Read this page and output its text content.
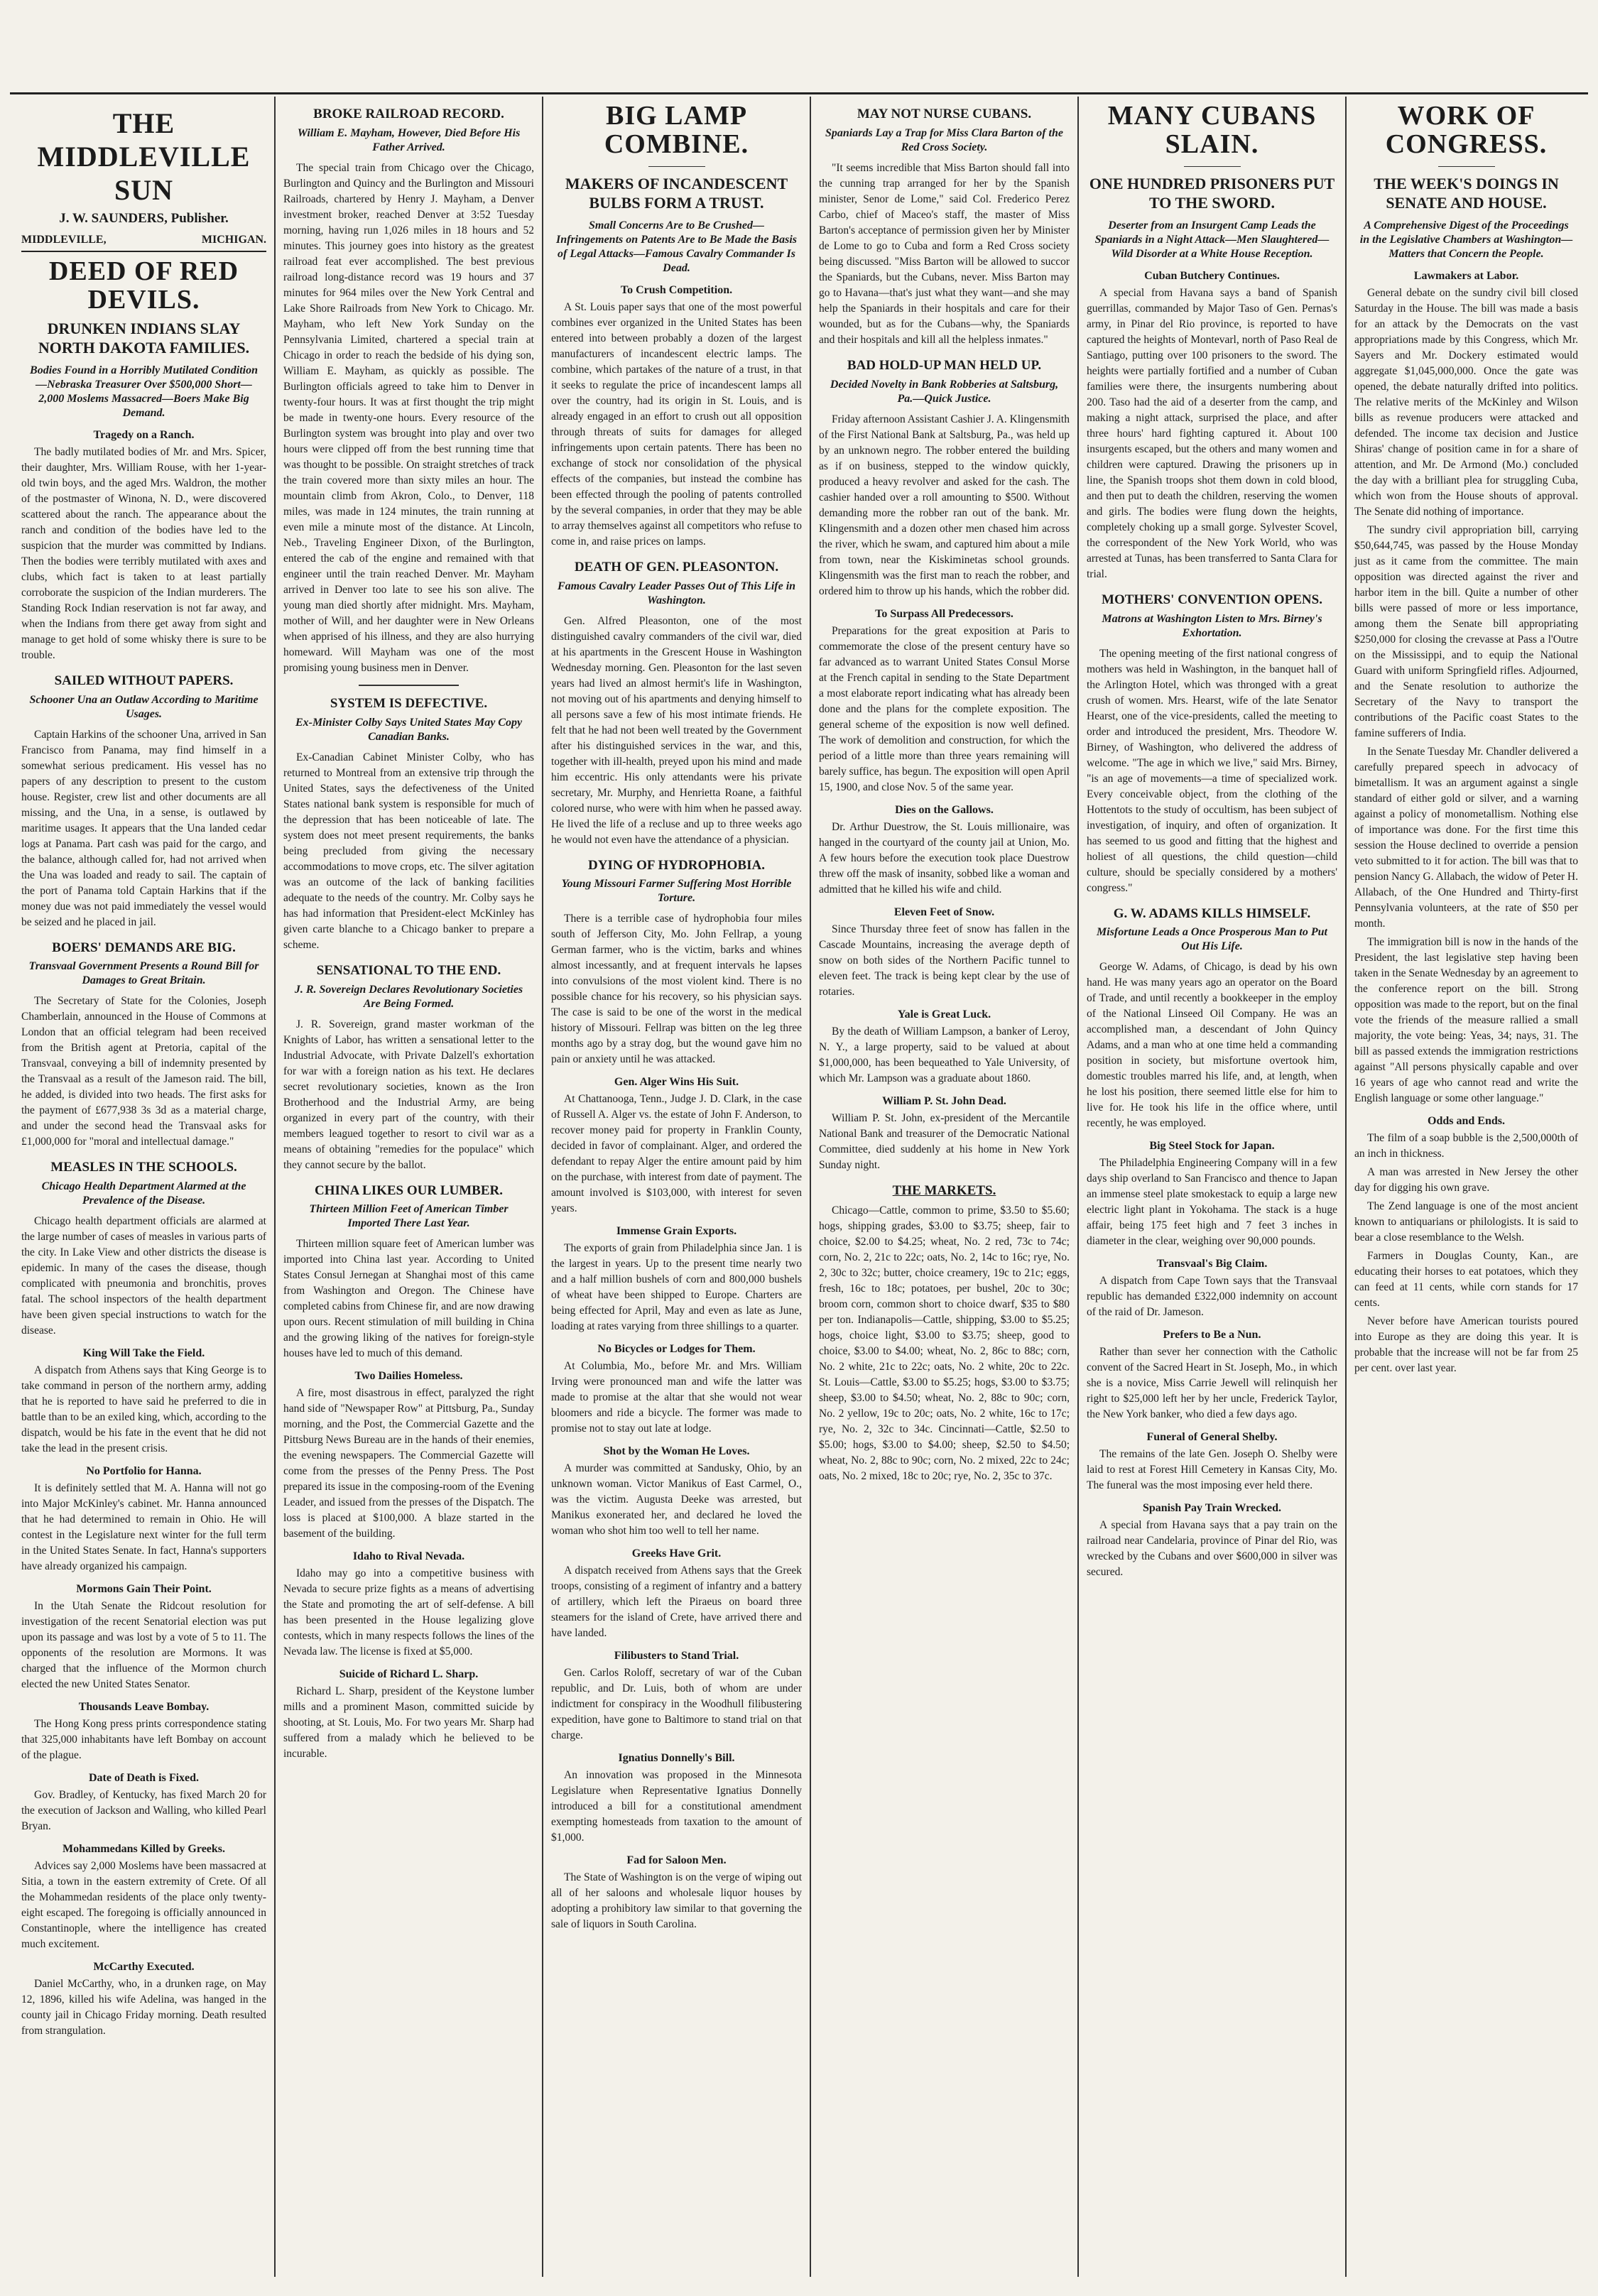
THE MIDDLEVILLE SUN
J. W. SAUNDERS, Publisher.
MIDDLEVILLE,	MICHIGAN.
DEED OF RED DEVILS.
DRUNKEN INDIANS SLAY NORTH DAKOTA FAMILIES.
Bodies Found in a Horribly Mutilated Condition—Nebraska Treasurer Over $500,000 Short—2,000 Moslems Massacred—Boers Make Big Demand.
Tragedy on a Ranch.

The badly mutilated bodies of Mr. and Mrs. Spicer, their daughter, Mrs. William Rouse, with her 1-year-old twin boys, and the aged Mrs. Waldron, the mother of the postmaster of Winona, N. D., were discovered scattered about the ranch. The appearance about the ranch and condition of the bodies have led to the suspicion that the murder was committed by Indians. Then the bodies were terribly mutilated with axes and clubs, which fact is taken to at least partially corroborate the suspicion of the Indian murderers. The Standing Rock Indian reservation is not far away, and when the Indians from there get away from sight and manage to get hold of some whisky there is sure to be trouble.

SAILED WITHOUT PAPERS.
Schooner Una an Outlaw According to Maritime Usages.

Captain Harkins of the schooner Una, arrived in San Francisco from Panama, may find himself in a somewhat serious predicament. His vessel has no papers of any description to present to the custom house. Register, crew list and other documents are all missing, and the Una, in a sense, is outlawed by maritime usages. It appears that the Una landed cedar logs at Panama. Part cash was paid for the cargo, and the balance, although called for, had not arrived when the Una was loaded and ready to sail. The captain of the port of Panama told Captain Harkins that if the money due was not paid immediately the vessel would be seized and he placed in jail.

BOERS' DEMANDS ARE BIG.
Transvaal Government Presents a Round Bill for Damages to Great Britain.

The Secretary of State for the Colonies, Joseph Chamberlain, announced in the House of Commons at London that an official telegram had been received from the British agent at Pretoria, capital of the Transvaal, conveying a bill of indemnity presented by the Transvaal as a result of the Jameson raid. The bill, he added, is divided into two heads. The first asks for the payment of £677,938 3s 3d as a material charge, and under the second head the Transvaal asks for £1,000,000 for "moral and intellectual damage."

MEASLES IN THE SCHOOLS.
Chicago Health Department Alarmed at the Prevalence of the Disease.

Chicago health department officials are alarmed at the large number of cases of measles in various parts of the city. In Lake View and other districts the disease is epidemic. In many of the cases the disease, though complicated with pneumonia and bronchitis, proves fatal. The school inspectors of the health department have been given special instructions to watch for the disease.

King Will Take the Field.

A dispatch from Athens says that King George is to take command in person of the northern army, adding that he is reported to have said he preferred to die in battle than to be an exiled king, which, according to the dispatch, would be his fate in the event that he did not take the lead in the present crisis.

No Portfolio for Hanna.

It is definitely settled that M. A. Hanna will not go into Major McKinley's cabinet. Mr. Hanna announced that he had determined to remain in Ohio. He will contest in the Legislature next winter for the full term in the United States Senate. In fact, Hanna's supporters have already organized his campaign.

Mormons Gain Their Point.

In the Utah Senate the Ridcout resolution for investigation of the recent Senatorial election was put upon its passage and was lost by a vote of 5 to 11. The opponents of the resolution are Mormons. It was charged that the influence of the Mormon church elected the new United States Senator.

Thousands Leave Bombay.

The Hong Kong press prints correspondence stating that 325,000 inhabitants have left Bombay on account of the plague.

Date of Death is Fixed.

Gov. Bradley, of Kentucky, has fixed March 20 for the execution of Jackson and Walling, who killed Pearl Bryan.

Mohammedans Killed by Greeks.

Advices say 2,000 Moslems have been massacred at Sitia, a town in the eastern extremity of Crete. Of all the Mohammedan residents of the place only twenty-eight escaped. The foregoing is officially announced in Constantinople, where the intelligence has created much excitement.

McCarthy Executed.

Daniel McCarthy, who, in a drunken rage, on May 12, 1896, killed his wife Adelina, was hanged in the county jail in Chicago Friday morning. Death resulted from strangulation.

BROKE RAILROAD RECORD.
William E. Mayham, However, Died Before His Father Arrived.

The special train from Chicago over the Chicago, Burlington and Quincy and the Burlington and Missouri Railroads, chartered by Henry J. Mayham, a Denver investment broker, reached Denver at 3:52 Tuesday morning, having run 1,026 miles in 18 hours and 52 minutes. This journey goes into history as the greatest railroad feat ever accomplished. The best previous railroad long-distance record was 19 hours and 37 minutes for 964 miles over the New York Central and Lake Shore Railroads from New York to Chicago. Mr. Mayham, who left New York Sunday on the Pennsylvania Limited, chartered a special train at Chicago in order to reach the bedside of his dying son, William E. Mayham, as quickly as possible. The Burlington officials agreed to take him to Denver in twenty-four hours. It was at first thought the trip might be made in twenty-one hours. Every resource of the Burlington system was brought into play and over two hours were clipped off from the best running time that was thought to be possible. On straight stretches of track the train covered more than sixty miles an hour. The mountain climb from Akron, Colo., to Denver, 118 miles, was made in 124 minutes, the train running at even mile a minute most of the distance. At Lincoln, Neb., Traveling Engineer Dixon, of the Burlington, entered the cab of the engine and remained with that engineer until the train reached Denver. Mr. Mayham arrived in Denver too late to see his son alive. The young man died shortly after midnight. Mrs. Mayham, mother of Will, and her daughter were in New Orleans when apprised of his illness, and they are also hurrying homeward. Will Mayham was one of the most promising young business men in Denver.

SYSTEM IS DEFECTIVE.
Ex-Minister Colby Says United States May Copy Canadian Banks.

Ex-Canadian Cabinet Minister Colby, who has returned to Montreal from an extensive trip through the United States, says the defectiveness of the United States national bank system is responsible for much of the depression that has been noticeable of late. The system does not meet present requirements, the banks being precluded from giving the necessary accommodations to move crops, etc. The silver agitation was an outcome of the lack of banking facilities adequate to the needs of the country. Mr. Colby says he has had information that President-elect McKinley has given carte blanche to a Chicago banker to prepare a scheme.

SENSATIONAL TO THE END.
J. R. Sovereign Declares Revolutionary Societies Are Being Formed.

J. R. Sovereign, grand master workman of the Knights of Labor, has written a sensational letter to the Industrial Advocate, with Private Dalzell's exhortation for war with a foreign nation as his text. He declares secret revolutionary societies, known as the Iron Brotherhood and the Industrial Army, are being organized in every part of the country, with their members leagued together to resort to civil war as a means of obtaining "remedies for the populace" which they cannot secure by the ballot.

CHINA LIKES OUR LUMBER.
Thirteen Million Feet of American Timber Imported There Last Year.

Thirteen million square feet of American lumber was imported into China last year. According to United States Consul Jernegan at Shanghai most of this came from Washington and Oregon. The Chinese have completed cabins from Chinese fir, and are now drawing upon ours. Recent stimulation of mill building in China and the growing liking of the natives for foreign-style houses have led to much of this demand.

Two Dailies Homeless.

A fire, most disastrous in effect, paralyzed the right hand side of "Newspaper Row" at Pittsburg, Pa., Sunday morning, and the Post, the Commercial Gazette and the Pittsburg News Bureau are in the hands of their enemies, the evening newspapers. The Commercial Gazette will come from the presses of the Penny Press. The Post prepared its issue in the composing-room of the Evening Leader, and issued from the presses of the Dispatch. The loss is placed at $100,000. A blaze started in the basement of the building.

Idaho to Rival Nevada.

Idaho may go into a competitive business with Nevada to secure prize fights as a means of advertising the State and promoting the art of self-defense. A bill has been presented in the House legalizing glove contests, which in many respects follows the lines of the Nevada law. The license is fixed at $5,000.

Suicide of Richard L. Sharp.

Richard L. Sharp, president of the Keystone lumber mills and a prominent Mason, committed suicide by shooting, at St. Louis, Mo. For two years Mr. Sharp had suffered from a malady which he believed to be incurable.

BIG LAMP COMBINE.
MAKERS OF INCANDESCENT BULBS FORM A TRUST.
Small Concerns Are to Be Crushed—Infringements on Patents Are to Be Made the Basis of Legal Attacks—Famous Cavalry Commander Is Dead.
To Crush Competition.

A St. Louis paper says that one of the most powerful combines ever organized in the United States has been entered into between probably a dozen of the largest manufacturers of incandescent electric lamps. The combine, which partakes of the nature of a trust, in that it seeks to regulate the price of incandescent lamps all over the country, had its origin in St. Louis, and is already engaged in an effort to crush out all opposition through threats of suits for damages for alleged infringements upon certain patents. There has been no exchange of stock nor consolidation of the physical effects of the companies, but instead the combine has been effected through the pooling of patents controlled by the several companies, in order that they may be able to array themselves against all competitors who refuse to come in, and raise prices on lamps.

DEATH OF GEN. PLEASONTON.
Famous Cavalry Leader Passes Out of This Life in Washington.

Gen. Alfred Pleasonton, one of the most distinguished cavalry commanders of the civil war, died at his apartments in the Grescent House in Washington Wednesday morning. Gen. Pleasonton for the last seven years had lived an almost hermit's life in Washington, not moving out of his apartments and denying himself to all persons save a few of his most intimate friends. He felt that he had not been well treated by the Government after his distinguished services in the war, and this, together with ill-health, preyed upon his mind and made him eccentric. His only attendants were his private secretary, Mr. Murphy, and Henrietta Roane, a faithful colored nurse, who were with him when he passed away. He lived the life of a recluse and up to three weeks ago he would not even have the attendance of a physician.

DYING OF HYDROPHOBIA.
Young Missouri Farmer Suffering Most Horrible Torture.

There is a terrible case of hydrophobia four miles south of Jefferson City, Mo. John Fellrap, a young German farmer, who is the victim, barks and whines almost incessantly, and at frequent intervals he lapses into convulsions of the most violent kind. There is no possible chance for his recovery, so his physician says. The case is said to be one of the worst in the medical history of Missouri. Fellrap was bitten on the leg three months ago by a stray dog, but the wound gave him no pain or anxiety until he was attacked.

Gen. Alger Wins His Suit.

At Chattanooga, Tenn., Judge J. D. Clark, in the case of Russell A. Alger vs. the estate of John F. Anderson, to recover money paid for property in Franklin County, decided in favor of complainant. Alger, and ordered the defendant to repay Alger the entire amount paid by him on the purchase, with interest from date of payment. The amount involved is $103,000, with interest for seven years.

Immense Grain Exports.

The exports of grain from Philadelphia since Jan. 1 is the largest in years. Up to the present time nearly two and a half million bushels of corn and 800,000 bushels of wheat have been shipped to Europe. Charters are being effected for April, May and even as late as June, loading at rates varying from three shillings to a quarter.

No Bicycles or Lodges for Them.

At Columbia, Mo., before Mr. and Mrs. William Irving were pronounced man and wife the latter was made to promise at the altar that she would not wear bloomers and ride a bicycle. The former was made to promise not to stay out late at lodge.

Shot by the Woman He Loves.

A murder was committed at Sandusky, Ohio, by an unknown woman. Victor Manikus of East Carmel, O., was the victim. Augusta Deeke was arrested, but Manikus exonerated her, and declared he loved the woman who shot him too well to tell her name.

Greeks Have Grit.

A dispatch received from Athens says that the Greek troops, consisting of a regiment of infantry and a battery of artillery, which left the Piraeus on board three steamers for the island of Crete, have arrived there and have landed.

Filibusters to Stand Trial.

Gen. Carlos Roloff, secretary of war of the Cuban republic, and Dr. Luis, both of whom are under indictment for conspiracy in the Woodhull filibustering expedition, have gone to Baltimore to stand trial on that charge.

Ignatius Donnelly's Bill.

An innovation was proposed in the Minnesota Legislature when Representative Ignatius Donnelly introduced a bill for a constitutional amendment exempting homesteads from taxation to the amount of $1,000.

Fad for Saloon Men.

The State of Washington is on the verge of wiping out all of her saloons and wholesale liquor houses by adopting a prohibitory law similar to that governing the sale of liquors in South Carolina.

MAY NOT NURSE CUBANS.
Spaniards Lay a Trap for Miss Clara Barton of the Red Cross Society.

"It seems incredible that Miss Barton should fall into the cunning trap arranged for her by the Spanish minister, Senor de Lome," said Col. Frederico Perez Carbo, chief of Maceo's staff, the master of Miss Barton's acceptance of permission given her by Minister de Lome to go to Cuba and form a Red Cross society being discussed. "Miss Barton will be allowed to succor the Spaniards, but the Cubans, never. Miss Barton may go to Havana—that's just what they want—and she may help the Spaniards in their hospitals and care for their wounded, but as for the Cubans—why, the Spaniards and their hospitals and kill all the helpless inmates."

BAD HOLD-UP MAN HELD UP.
Decided Novelty in Bank Robberies at Saltsburg, Pa.—Quick Justice.

Friday afternoon Assistant Cashier J. A. Klingensmith of the First National Bank at Saltsburg, Pa., was held up by an unknown negro. The robber entered the building as if on business, stepped to the window quickly, produced a heavy revolver and asked for the cash. The cashier handed over a roll amounting to $500. Without demanding more the robber ran out of the bank. Mr. Klingensmith and a dozen other men chased him across the river, which he swam, and captured him about a mile from town, near the Kiskiminetas school grounds. Klingensmith was the first man to reach the robber, and ordered him to throw up his hands, which the robber did.

To Surpass All Predecessors.

Preparations for the great exposition at Paris to commemorate the close of the present century have so far advanced as to warrant United States Consul Morse at the French capital in sending to the State Department a most elaborate report indicating what has already been done and the plans for the complete exposition. The general scheme of the exposition is now well defined. The work of demolition and construction, for which the period of a little more than three years remaining will barely suffice, has begun. The exposition will open April 15, 1900, and close Nov. 5 of the same year.

Dies on the Gallows.

Dr. Arthur Duestrow, the St. Louis millionaire, was hanged in the courtyard of the county jail at Union, Mo. A few hours before the execution took place Duestrow threw off the mask of insanity, sobbed like a woman and admitted that he killed his wife and child.

Eleven Feet of Snow.

Since Thursday three feet of snow has fallen in the Cascade Mountains, increasing the average depth of snow on both sides of the Northern Pacific tunnel to eleven feet. The track is being kept clear by the use of rotaries.

Yale is Great Luck.

By the death of William Lampson, a banker of Leroy, N. Y., a large property, said to be valued at about $1,000,000, has been bequeathed to Yale University, of which Mr. Lampson was a graduate about 1860.

William P. St. John Dead.

William P. St. John, ex-president of the Mercantile National Bank and treasurer of the Democratic National Committee, died suddenly at his home in New York Sunday night.

THE MARKETS.

Chicago—Cattle, common to prime, $3.50 to $5.60; hogs, shipping grades, $3.00 to $3.75; sheep, fair to choice, $2.00 to $4.25; wheat, No. 2 red, 73c to 74c; corn, No. 2, 21c to 22c; oats, No. 2, 14c to 16c; rye, No. 2, 30c to 32c; butter, choice creamery, 19c to 21c; eggs, fresh, 16c to 18c; potatoes, per bushel, 20c to 30c; broom corn, common short to choice dwarf, $35 to $80 per ton. Indianapolis—Cattle, shipping, $3.00 to $5.25; hogs, choice light, $3.00 to $3.75; sheep, good to choice, $3.00 to $4.00; wheat, No. 2, 86c to 88c; corn, No. 2 white, 21c to 22c; oats, No. 2 white, 20c to 22c. St. Louis—Cattle, $3.00 to $5.25; hogs, $3.00 to $3.75; sheep, $3.00 to $4.50; wheat, No. 2, 88c to 90c; corn, No. 2 yellow, 19c to 20c; oats, No. 2 white, 16c to 17c; rye, No. 2, 32c to 34c. Cincinnati—Cattle, $2.50 to $5.00; hogs, $3.00 to $4.00; sheep, $2.50 to $4.50; wheat, No. 2, 88c to 90c; corn, No. 2 mixed, 22c to 24c; oats, No. 2 mixed, 18c to 20c; rye, No. 2, 35c to 37c.

MANY CUBANS SLAIN.
ONE HUNDRED PRISONERS PUT TO THE SWORD.
Deserter from an Insurgent Camp Leads the Spaniards in a Night Attack—Men Slaughtered—Wild Disorder at a White House Reception.
Cuban Butchery Continues.

A special from Havana says a band of Spanish guerrillas, commanded by Major Taso of Gen. Pernas's army, in Pinar del Rio province, is reported to have captured the heights of Montevarl, north of Paso Real de Santiago, putting over 100 prisoners to the sword. The heights were partially fortified and a number of Cuban families were there, the insurgents numbering about 200. Taso had the aid of a deserter from the camp, and making a night attack, surprised the place, and after three hours' hard fighting captured it. About 100 insurgents escaped, but the others and many women and children were captured. Drawing the prisoners up in line, the Spanish troops shot them down in cold blood, and then put to death the children, reserving the women and girls. The bodies were flung down the heights, completely choking up a small gorge. Sylvester Scovel, the correspondent of the New York World, who was arrested at Tunas, has been transferred to Santa Clara for trial.

MOTHERS' CONVENTION OPENS.
Matrons at Washington Listen to Mrs. Birney's Exhortation.

The opening meeting of the first national congress of mothers was held in Washington, in the banquet hall of the Arlington Hotel, which was thronged with a great crush of women. Mrs. Hearst, wife of the late Senator Hearst, one of the vice-presidents, called the meeting to order and introduced the president, Mrs. Theodore W. Birney, of Washington, who delivered the address of welcome. "The age in which we live," said Mrs. Birney, "is an age of movements—a time of specialized work. Every conceivable object, from the clothing of the Hottentots to the study of occultism, has been subject of investigation, of inquiry, and often of organization. It has seemed to us good and fitting that the highest and holiest of all questions, the child question—child culture, should be specially considered by a mothers' congress."

G. W. ADAMS KILLS HIMSELF.
Misfortune Leads a Once Prosperous Man to Put Out His Life.

George W. Adams, of Chicago, is dead by his own hand. He was many years ago an operator on the Board of Trade, and until recently a bookkeeper in the employ of the National Linseed Oil Company. He was an accomplished man, a descendant of John Quincy Adams, and a man who at one time held a commanding position in society, but misfortune overtook him, domestic troubles marred his life, and, at length, when he lost his position, there seemed little else for him to live for. He took his life in the office where, until recently, he was employed.

Big Steel Stock for Japan.

The Philadelphia Engineering Company will in a few days ship overland to San Francisco and thence to Japan an immense steel plate smokestack to equip a large new electric light plant in Yokohama. The stack is a huge affair, being 175 feet high and 7 feet 3 inches in diameter in the clear, weighing over 90,000 pounds.

Transvaal's Big Claim.

A dispatch from Cape Town says that the Transvaal republic has demanded £322,000 indemnity on account of the raid of Dr. Jameson.

Prefers to Be a Nun.

Rather than sever her connection with the Catholic convent of the Sacred Heart in St. Joseph, Mo., in which she is a novice, Miss Carrie Jewell will relinquish her right to $25,000 left her by her uncle, Frederick Taylor, the New York banker, who died a few days ago.

Funeral of General Shelby.

The remains of the late Gen. Joseph O. Shelby were laid to rest at Forest Hill Cemetery in Kansas City, Mo. The funeral was the most imposing ever held there.

Spanish Pay Train Wrecked.

A special from Havana says that a pay train on the railroad near Candelaria, province of Pinar del Rio, was wrecked by the Cubans and over $600,000 in silver was secured.

WORK OF CONGRESS.
THE WEEK'S DOINGS IN SENATE AND HOUSE.
A Comprehensive Digest of the Proceedings in the Legislative Chambers at Washington—Matters that Concern the People.
Lawmakers at Labor.

General debate on the sundry civil bill closed Saturday in the House. The bill was made a basis for an attack by the Democrats on the vast appropriations made by this Congress, which Mr. Sayers and Mr. Dockery estimated would aggregate $1,045,000,000. Once the gate was opened, the debate naturally drifted into politics. The relative merits of the McKinley and Wilson bills as revenue producers were attacked and defended. The income tax decision and Justice Shiras' change of position came in for a share of attention, and Mr. De Armond (Mo.) concluded the day with a brilliant plea for struggling Cuba, which won from the House shouts of approval. The Senate did nothing of importance.

The sundry civil appropriation bill, carrying $50,644,745, was passed by the House Monday just as it came from the committee. The main opposition was directed against the river and harbor item in the bill. Quite a number of other bills were passed of more or less importance, among them the Senate bill appropriating $250,000 for closing the crevasse at Pass a l'Outre on the Mississippi, and to equip the National Guard with uniform Springfield rifles. Adjourned, and the Senate resolution to authorize the Secretary of the Navy to transport the contributions of the Pacific coast States to the famine sufferers of India.

In the Senate Tuesday Mr. Chandler delivered a carefully prepared speech in advocacy of bimetallism. It was an argument against a single standard of either gold or silver, and a warning against a policy of monometallism. Nothing else of importance was done. For the first time this session the House declined to override a pension veto submitted to it for action. The bill was that to pension Nancy G. Allabach, the widow of Peter H. Allabach, of the One Hundred and Thirty-first Pennsylvania volunteers, at the rate of $50 per month.

The immigration bill is now in the hands of the President, the last legislative step having been taken in the Senate Wednesday by an agreement to the conference report on the bill. Strong opposition was made to the report, but on the final vote the friends of the measure rallied a small majority, the vote being: Yeas, 34; nays, 31. The bill as passed extends the immigration restrictions against "All persons physically capable and over 16 years of age who cannot read and write the English language or some other language."

Odds and Ends.

The film of a soap bubble is the 2,500,000th of an inch in thickness.

A man was arrested in New Jersey the other day for digging his own grave.

The Zend language is one of the most ancient known to antiquarians or philologists. It is said to bear a close resemblance to the Welsh.

Farmers in Douglas County, Kan., are educating their horses to eat potatoes, which they can feed at 11 cents, while corn stands for 17 cents.

Never before have American tourists poured into Europe as they are doing this year. It is probable that the increase will not be far from 25 per cent. over last year.
